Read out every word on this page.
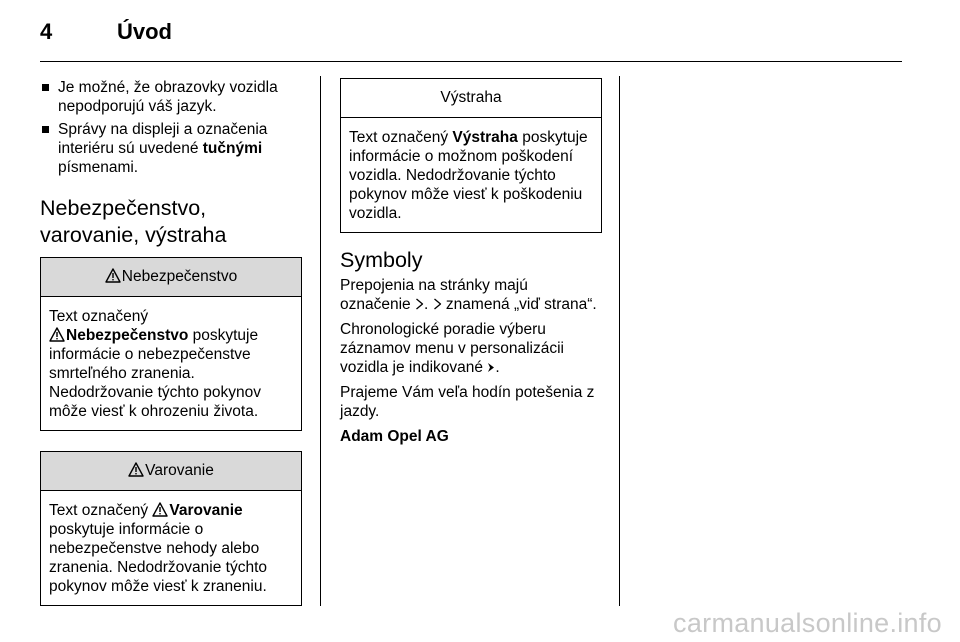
4	Úvod
Je možné, že obrazovky vozidla nepodporujú váš jazyk.
Správy na displeji a označenia interiéru sú uvedené tučnými písmenami.
Nebezpečenstvo,
varovanie, výstraha
Nebezpečenstvo
Text označený
Nebezpečenstvo poskytuje informácie o nebezpečenstve smrteľného zranenia. Nedodržovanie týchto pokynov môže viesť k ohrozeniu života.
Varovanie
Text označený Varovanie poskytuje informácie o nebezpečenstve nehody alebo zranenia. Nedodržovanie týchto pokynov môže viesť k zraneniu.
Výstraha
Text označený Výstraha poskytuje informácie o možnom poškodení vozidla. Nedodržovanie týchto pokynov môže viesť k poškodeniu vozidla.
Symboly

Prepojenia na stránky majú označenie .  znamená „viď strana“.

Chronologické poradie výberu záznamov menu v personalizácii vozidla je indikované .

Prajeme Vám veľa hodín potešenia z jazdy.

Adam Opel AG

carmanualsonline.info
